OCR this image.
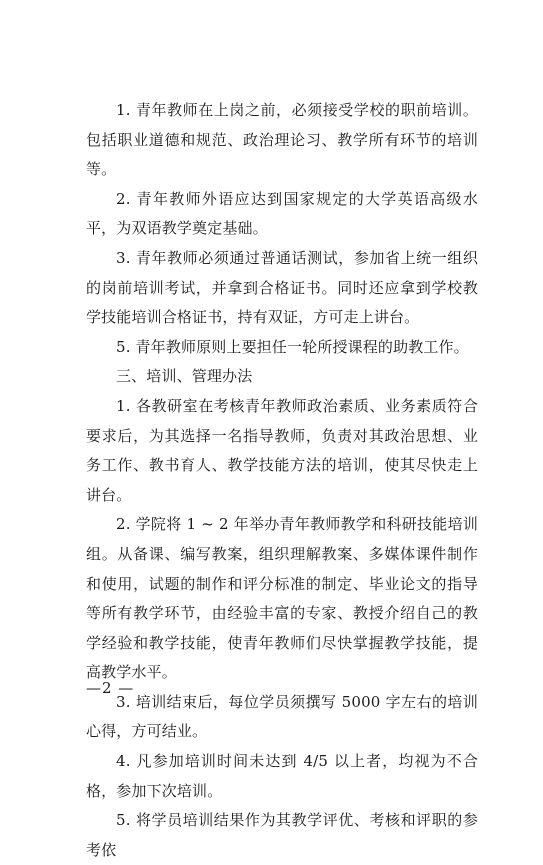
1. 青年教师在上岗之前，必须接受学校的职前培训。包括职业道德和规范、政治理论习、教学所有环节的培训等。

2. 青年教师外语应达到国家规定的大学英语高级水平，为双语教学奠定基础。

3. 青年教师必须通过普通话测试，参加省上统一组织的岗前培训考试，并拿到合格证书。同时还应拿到学校教学技能培训合格证书，持有双证，方可走上讲台。

5. 青年教师原则上要担任一轮所授课程的助教工作。

三、培训、管理办法

1. 各教研室在考核青年教师政治素质、业务素质符合要求后，为其选择一名指导教师，负责对其政治思想、业务工作、教书育人、教学技能方法的培训，使其尽快走上讲台。

2. 学院将 1 ~ 2 年举办青年教师教学和科研技能培训组。从备课、编写教案，组织理解教案、多媒体课件制作和使用，试题的制作和评分标准的制定、毕业论文的指导等所有教学环节，由经验丰富的专家、教授介绍自己的教学经验和教学技能，使青年教师们尽快掌握教学技能，提高教学水平。

3. 培训结束后，每位学员须撰写 5000 字左右的培训心得，方可结业。

4. 凡参加培训时间未达到 4/5 以上者，均视为不合格，参加下次培训。

5. 将学员培训结果作为其教学评优、考核和评职的参考依

—2 —
